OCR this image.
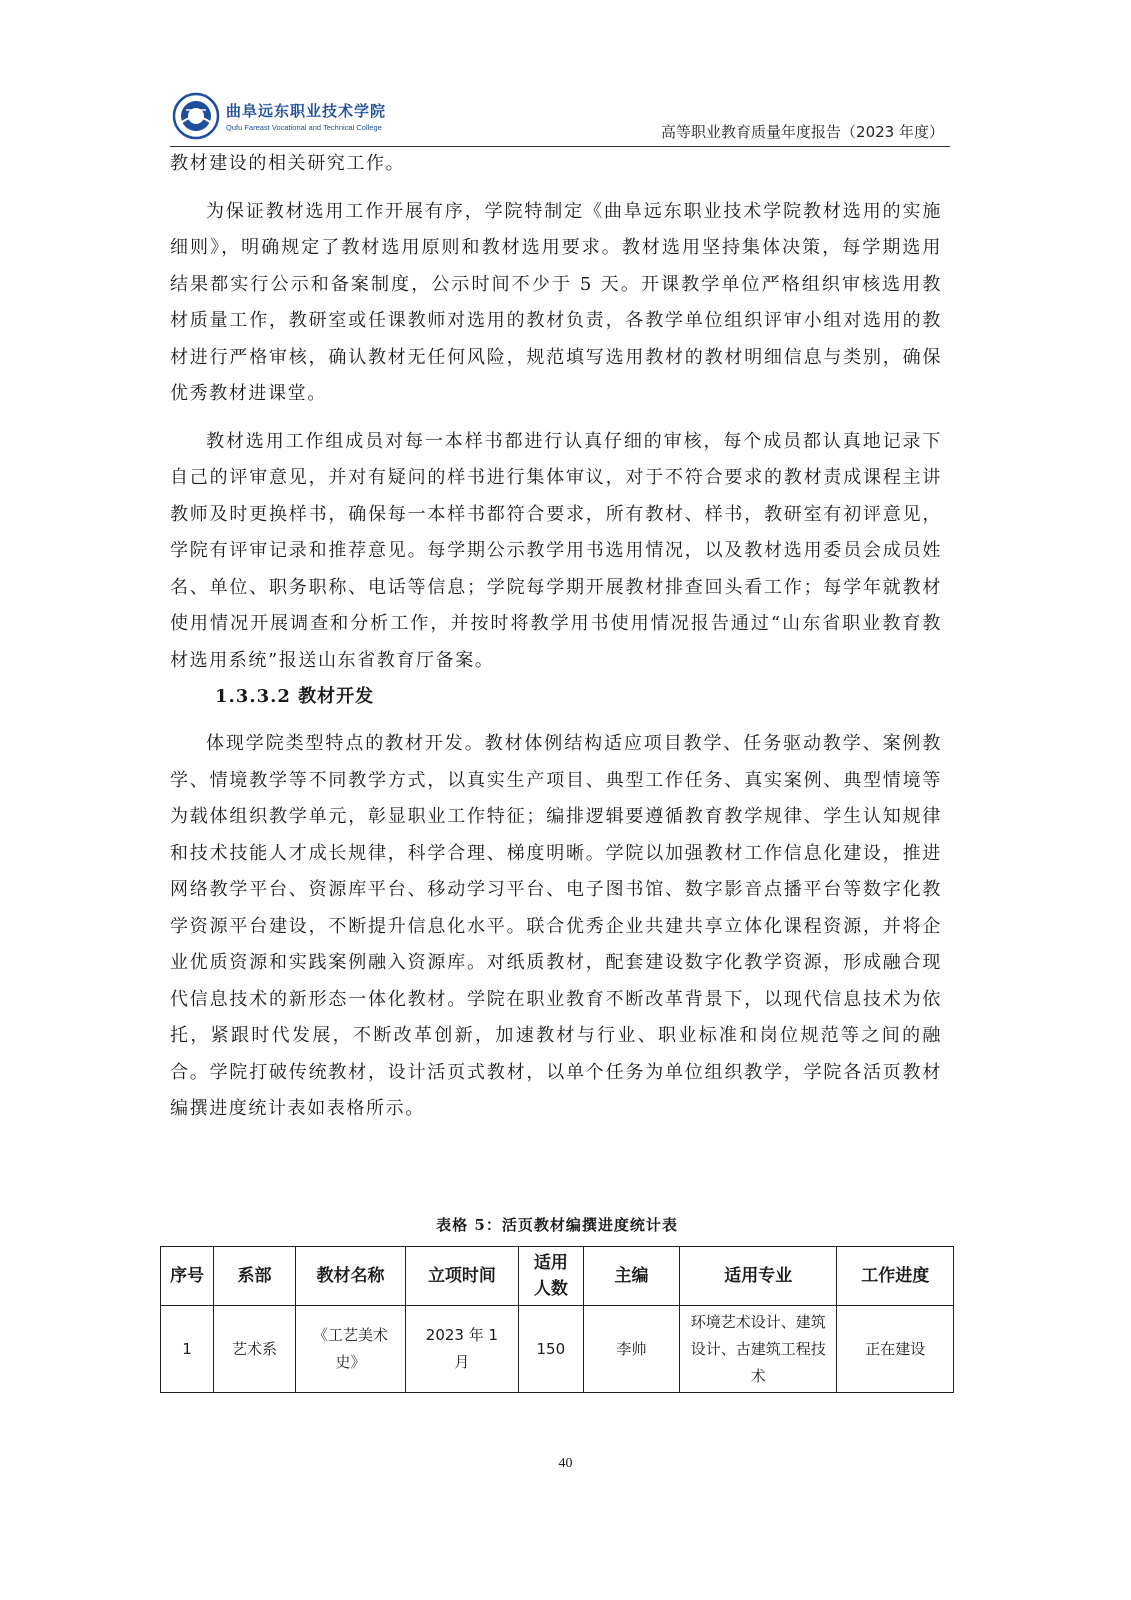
曲阜远东职业技术学院
Qufu Fareast Vocational and Technical College	高等职业教育质量年度报告（2023 年度）

教材建设的相关研究工作。

为保证教材选用工作开展有序，学院特制定《曲阜远东职业技术学院教材选用的实施细则》，明确规定了教材选用原则和教材选用要求。教材选用坚持集体决策，每学期选用结果都实行公示和备案制度，公示时间不少于 5 天。开课教学单位严格组织审核选用教材质量工作，教研室或任课教师对选用的教材负责，各教学单位组织评审小组对选用的教材进行严格审核，确认教材无任何风险，规范填写选用教材的教材明细信息与类别，确保优秀教材进课堂。

教材选用工作组成员对每一本样书都进行认真仔细的审核，每个成员都认真地记录下自己的评审意见，并对有疑问的样书进行集体审议，对于不符合要求的教材责成课程主讲教师及时更换样书，确保每一本样书都符合要求，所有教材、样书，教研室有初评意见，学院有评审记录和推荐意见。每学期公示教学用书选用情况，以及教材选用委员会成员姓名、单位、职务职称、电话等信息；学院每学期开展教材排查回头看工作；每学年就教材使用情况开展调查和分析工作，并按时将教学用书使用情况报告通过“山东省职业教育教材选用系统”报送山东省教育厅备案。

1.3.3.2 教材开发

体现学院类型特点的教材开发。教材体例结构适应项目教学、任务驱动教学、案例教学、情境教学等不同教学方式，以真实生产项目、典型工作任务、真实案例、典型情境等为载体组织教学单元，彰显职业工作特征；编排逻辑要遵循教育教学规律、学生认知规律和技术技能人才成长规律，科学合理、梯度明晰。学院以加强教材工作信息化建设，推进网络教学平台、资源库平台、移动学习平台、电子图书馆、数字影音点播平台等数字化教学资源平台建设，不断提升信息化水平。联合优秀企业共建共享立体化课程资源，并将企业优质资源和实践案例融入资源库。对纸质教材，配套建设数字化教学资源，形成融合现代信息技术的新形态一体化教材。学院在职业教育不断改革背景下，以现代信息技术为依托，紧跟时代发展，不断改革创新，加速教材与行业、职业标准和岗位规范等之间的融合。学院打破传统教材，设计活页式教材，以单个任务为单位组织教学，学院各活页教材编撰进度统计表如表格所示。

表格 5：活页教材编撰进度统计表
序号	系部	教材名称	立项时间	适用人数	主编	适用专业	工作进度
1	艺术系	《工艺美术史》	2023 年 1 月	150	李帅	环境艺术设计、建筑设计、古建筑工程技术	正在建设
40
